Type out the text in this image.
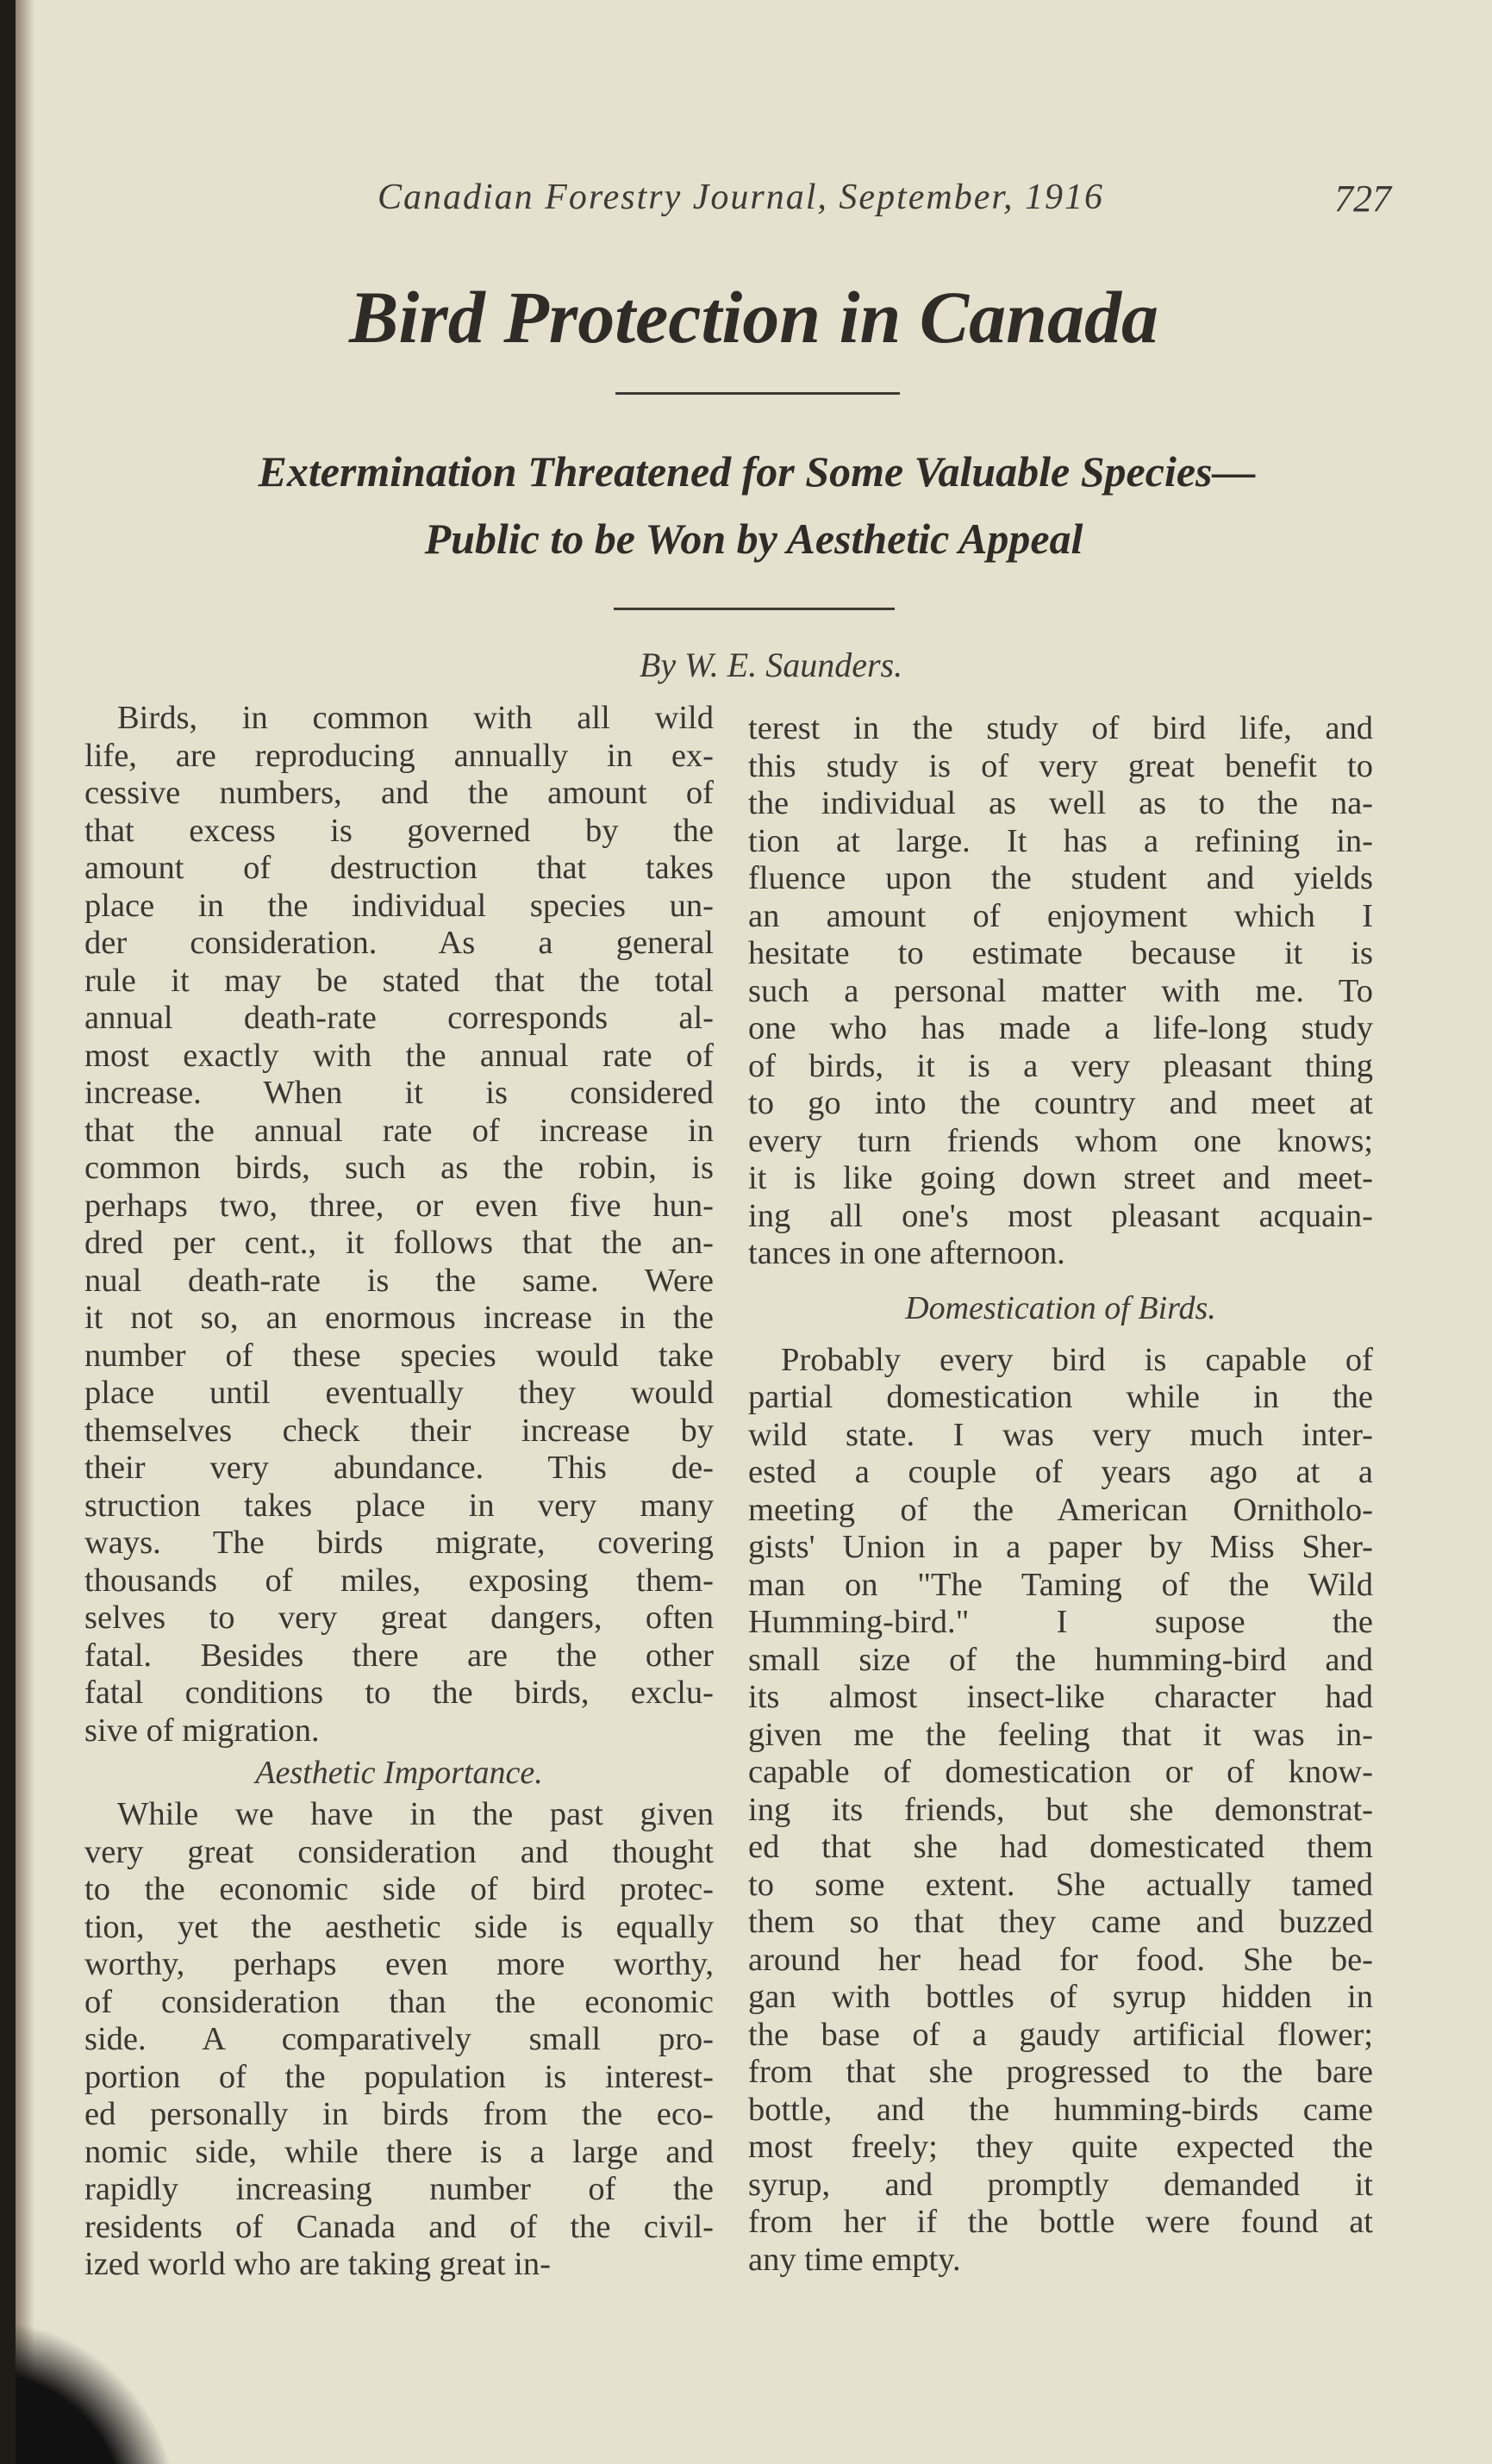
Canadian Forestry Journal, September, 1916	727
Bird Protection in Canada
Extermination Threatened for Some Valuable Species—
Public to be Won by Aesthetic Appeal
By W. E. Saunders.
Birds, in common with all wild
life, are reproducing annually in ex-
cessive numbers, and the amount of
that excess is governed by the
amount of destruction that takes
place in the individual species un-
der consideration. As a general
rule it may be stated that the total
annual death-rate corresponds al-
most exactly with the annual rate of
increase. When it is considered
that the annual rate of increase in
common birds, such as the robin, is
perhaps two, three, or even five hun-
dred per cent., it follows that the an-
nual death-rate is the same. Were
it not so, an enormous increase in the
number of these species would take
place until eventually they would
themselves check their increase by
their very abundance. This de-
struction takes place in very many
ways. The birds migrate, covering
thousands of miles, exposing them-
selves to very great dangers, often
fatal. Besides there are the other
fatal conditions to the birds, exclu-
sive of migration.
Aesthetic Importance.
While we have in the past given
very great consideration and thought
to the economic side of bird protec-
tion, yet the aesthetic side is equally
worthy, perhaps even more worthy,
of consideration than the economic
side. A comparatively small pro-
portion of the population is interest-
ed personally in birds from the eco-
nomic side, while there is a large and
rapidly increasing number of the
residents of Canada and of the civil-
ized world who are taking great in-
terest in the study of bird life, and
this study is of very great benefit to
the individual as well as to the na-
tion at large. It has a refining in-
fluence upon the student and yields
an amount of enjoyment which I
hesitate to estimate because it is
such a personal matter with me. To
one who has made a life-long study
of birds, it is a very pleasant thing
to go into the country and meet at
every turn friends whom one knows;
it is like going down street and meet-
ing all one's most pleasant acquain-
tances in one afternoon.
Domestication of Birds.
Probably every bird is capable of
partial domestication while in the
wild state. I was very much inter-
ested a couple of years ago at a
meeting of the American Ornitholo-
gists' Union in a paper by Miss Sher-
man on "The Taming of the Wild
Humming-bird." I supose the
small size of the humming-bird and
its almost insect-like character had
given me the feeling that it was in-
capable of domestication or of know-
ing its friends, but she demonstrat-
ed that she had domesticated them
to some extent. She actually tamed
them so that they came and buzzed
around her head for food. She be-
gan with bottles of syrup hidden in
the base of a gaudy artificial flower;
from that she progressed to the bare
bottle, and the humming-birds came
most freely; they quite expected the
syrup, and promptly demanded it
from her if the bottle were found at
any time empty.
